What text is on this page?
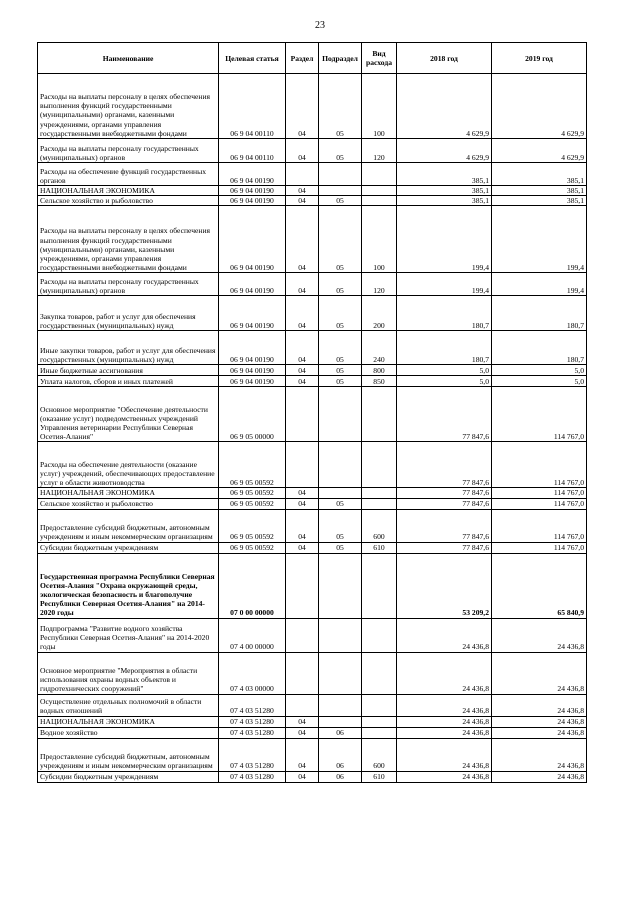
23
Наименование	Целевая статья	Раздел	Подраздел	Вид расхода	2018 год	2019 год
Расходы на выплаты персоналу в целях обеспечения выполнения функций государственными (муниципальными) органами, казенными учреждениями, органами управления государственными внебюджетными фондами	06 9 04 00110	04	05	100	4 629,9	4 629,9
Расходы на выплаты персоналу государственных (муниципальных) органов	06 9 04 00110	04	05	120	4 629,9	4 629,9
Расходы на обеспечение функций государственных органов	06 9 04 00190				385,1	385,1
НАЦИОНАЛЬНАЯ ЭКОНОМИКА	06 9 04 00190	04			385,1	385,1
Сельское хозяйство и рыболовство	06 9 04 00190	04	05		385,1	385,1
Расходы на выплаты персоналу в целях обеспечения выполнения функций государственными (муниципальными) органами, казенными учреждениями, органами управления государственными внебюджетными фондами	06 9 04 00190	04	05	100	199,4	199,4
Расходы на выплаты персоналу государственных (муниципальных) органов	06 9 04 00190	04	05	120	199,4	199,4
Закупка товаров, работ и услуг для обеспечения государственных (муниципальных) нужд	06 9 04 00190	04	05	200	180,7	180,7
Иные закупки товаров, работ и услуг для обеспечения государственных (муниципальных) нужд	06 9 04 00190	04	05	240	180,7	180,7
Иные бюджетные ассигнования	06 9 04 00190	04	05	800	5,0	5,0
Уплата налогов, сборов и иных платежей	06 9 04 00190	04	05	850	5,0	5,0
Основное мероприятие "Обеспечение деятельности (оказание услуг) подведомственных учреждений Управления ветеринарии Республики Северная Осетия-Алания"	06 9 05 00000				77 847,6	114 767,0
Расходы на обеспечение деятельности (оказание услуг) учреждений, обеспечивающих предоставление услуг в области животноводства	06 9 05 00592				77 847,6	114 767,0
НАЦИОНАЛЬНАЯ ЭКОНОМИКА	06 9 05 00592	04			77 847,6	114 767,0
Сельское хозяйство и рыболовство	06 9 05 00592	04	05		77 847,6	114 767,0
Предоставление субсидий бюджетным, автономным учреждениям и иным некоммерческим организациям	06 9 05 00592	04	05	600	77 847,6	114 767,0
Субсидии бюджетным учреждениям	06 9 05 00592	04	05	610	77 847,6	114 767,0
Государственная программа Республики Северная Осетия-Алания "Охрана окружающей среды, экологическая безопасность и благополучие Республики Северная Осетия-Алания" на 2014-2020 годы	07 0 00 00000				53 209,2	65 840,9
Подпрограмма "Развитие водного хозяйства Республики Северная Осетия-Алания" на 2014-2020 годы	07 4 00 00000				24 436,8	24 436,8
Основное мероприятие "Мероприятия в области использования охраны водных объектов и гидротехнических сооружений"	07 4 03 00000				24 436,8	24 436,8
Осуществление отдельных полномочий в области водных отношений	07 4 03 51280				24 436,8	24 436,8
НАЦИОНАЛЬНАЯ ЭКОНОМИКА	07 4 03 51280	04			24 436,8	24 436,8
Водное хозяйство	07 4 03 51280	04	06		24 436,8	24 436,8
Предоставление субсидий бюджетным, автономным учреждениям и иным некоммерческим организациям	07 4 03 51280	04	06	600	24 436,8	24 436,8
Субсидии бюджетным учреждениям	07 4 03 51280	04	06	610	24 436,8	24 436,8
